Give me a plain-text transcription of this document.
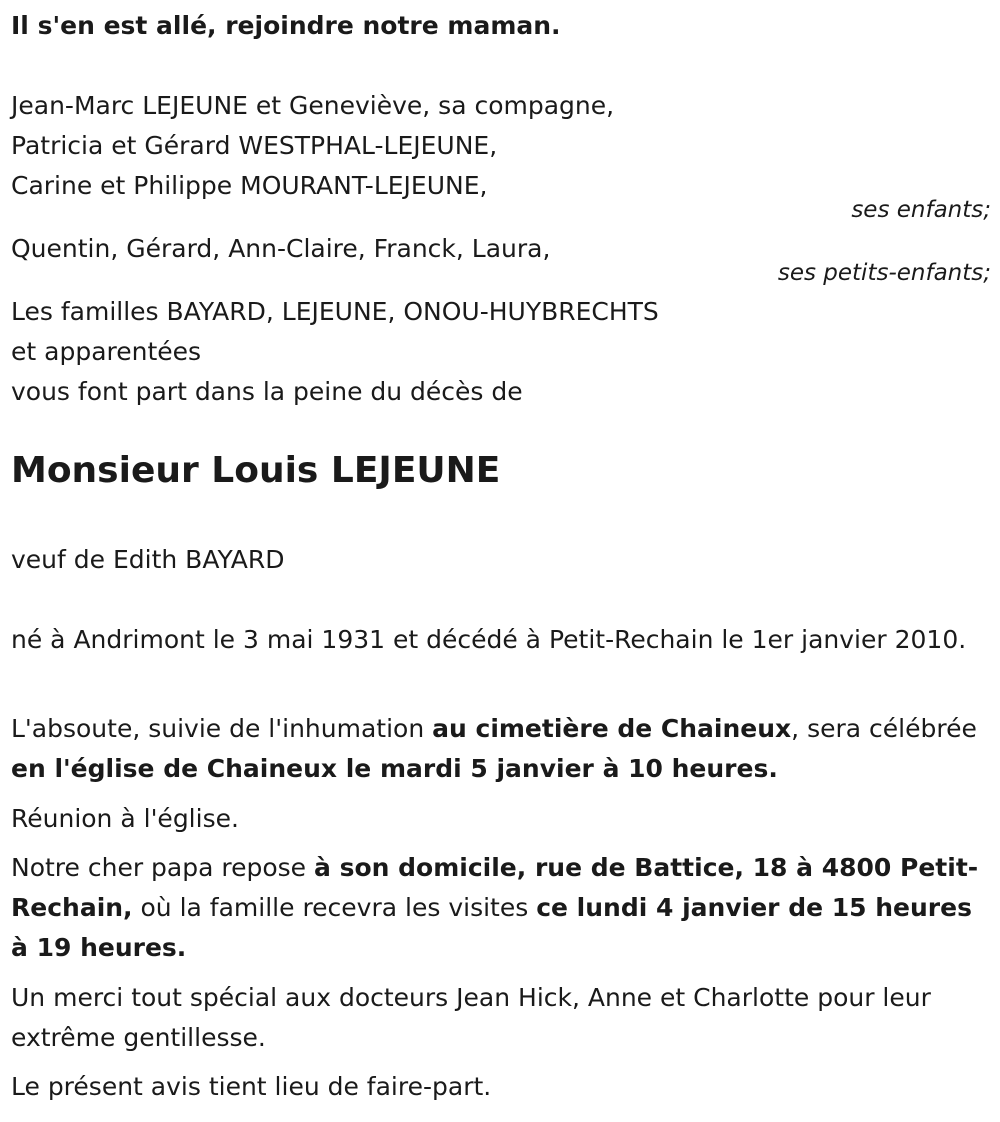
Il s'en est allé, rejoindre notre maman.
Jean-Marc LEJEUNE et Geneviève, sa compagne,
Patricia et Gérard WESTPHAL-LEJEUNE,
Carine et Philippe MOURANT-LEJEUNE,
ses enfants;
Quentin, Gérard, Ann-Claire, Franck, Laura,
ses petits-enfants;
Les familles BAYARD, LEJEUNE, ONOU-HUYBRECHTS
et apparentées
vous font part dans la peine du décès de
Monsieur Louis LEJEUNE
veuf de Edith BAYARD
né à Andrimont le 3 mai 1931 et décédé à Petit-Rechain le 1er janvier 2010.
L'absoute, suivie de l'inhumation au cimetière de Chaineux, sera célébrée en l'église de Chaineux le mardi 5 janvier à 10 heures.
Réunion à l'église.
Notre cher papa repose à son domicile, rue de Battice, 18 à 4800 Petit-Rechain, où la famille recevra les visites ce lundi 4 janvier de 15 heures à 19 heures.
Un merci tout spécial aux docteurs Jean Hick, Anne et Charlotte pour leur extrême gentillesse.
Le présent avis tient lieu de faire-part.
